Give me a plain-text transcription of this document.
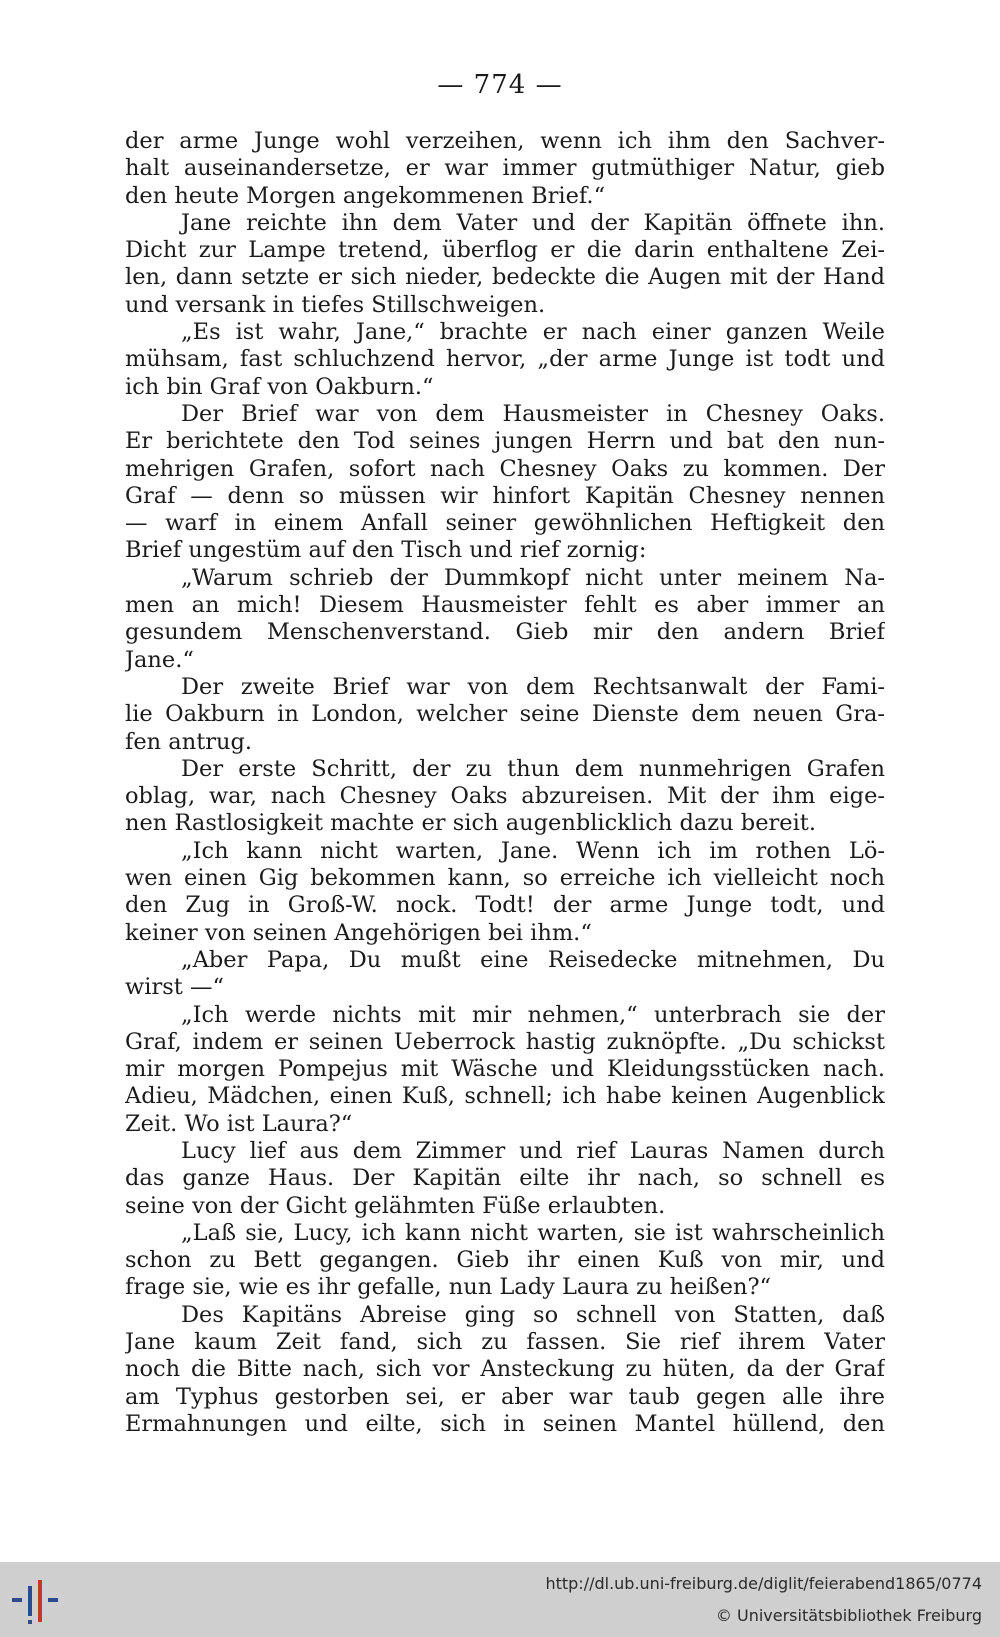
— 774 —
der arme Junge wohl verzeihen, wenn ich ihm den Sachver-
halt auseinandersetze, er war immer gutmüthiger Natur, gieb
den heute Morgen angekommenen Brief.“
Jane reichte ihn dem Vater und der Kapitän öffnete ihn.
Dicht zur Lampe tretend, überflog er die darin enthaltene Zei-
len, dann setzte er sich nieder, bedeckte die Augen mit der Hand
und versank in tiefes Stillschweigen.
„Es ist wahr, Jane,“ brachte er nach einer ganzen Weile
mühsam, fast schluchzend hervor, „der arme Junge ist todt und
ich bin Graf von Oakburn.“
Der Brief war von dem Hausmeister in Chesney Oaks.
Er berichtete den Tod seines jungen Herrn und bat den nun-
mehrigen Grafen, sofort nach Chesney Oaks zu kommen. Der
Graf — denn so müssen wir hinfort Kapitän Chesney nennen
— warf in einem Anfall seiner gewöhnlichen Heftigkeit den
Brief ungestüm auf den Tisch und rief zornig:
„Warum schrieb der Dummkopf nicht unter meinem Na-
men an mich! Diesem Hausmeister fehlt es aber immer an
gesundem Menschenverstand. Gieb mir den andern Brief
Jane.“
Der zweite Brief war von dem Rechtsanwalt der Fami-
lie Oakburn in London, welcher seine Dienste dem neuen Gra-
fen antrug.
Der erste Schritt, der zu thun dem nunmehrigen Grafen
oblag, war, nach Chesney Oaks abzureisen. Mit der ihm eige-
nen Rastlosigkeit machte er sich augenblicklich dazu bereit.
„Ich kann nicht warten, Jane. Wenn ich im rothen Lö-
wen einen Gig bekommen kann, so erreiche ich vielleicht noch
den Zug in Groß-W. nock. Todt! der arme Junge todt, und
keiner von seinen Angehörigen bei ihm.“
„Aber Papa, Du mußt eine Reisedecke mitnehmen, Du
wirst —“
„Ich werde nichts mit mir nehmen,“ unterbrach sie der
Graf, indem er seinen Ueberrock hastig zuknöpfte. „Du schickst
mir morgen Pompejus mit Wäsche und Kleidungsstücken nach.
Adieu, Mädchen, einen Kuß, schnell; ich habe keinen Augenblick
Zeit. Wo ist Laura?“
Lucy lief aus dem Zimmer und rief Lauras Namen durch
das ganze Haus. Der Kapitän eilte ihr nach, so schnell es
seine von der Gicht gelähmten Füße erlaubten.
„Laß sie, Lucy, ich kann nicht warten, sie ist wahrscheinlich
schon zu Bett gegangen. Gieb ihr einen Kuß von mir, und
frage sie, wie es ihr gefalle, nun Lady Laura zu heißen?“
Des Kapitäns Abreise ging so schnell von Statten, daß
Jane kaum Zeit fand, sich zu fassen. Sie rief ihrem Vater
noch die Bitte nach, sich vor Ansteckung zu hüten, da der Graf
am Typhus gestorben sei, er aber war taub gegen alle ihre
Ermahnungen und eilte, sich in seinen Mantel hüllend, den
http://dl.ub.uni-freiburg.de/diglit/feierabend1865/0774
© Universitätsbibliothek Freiburg
